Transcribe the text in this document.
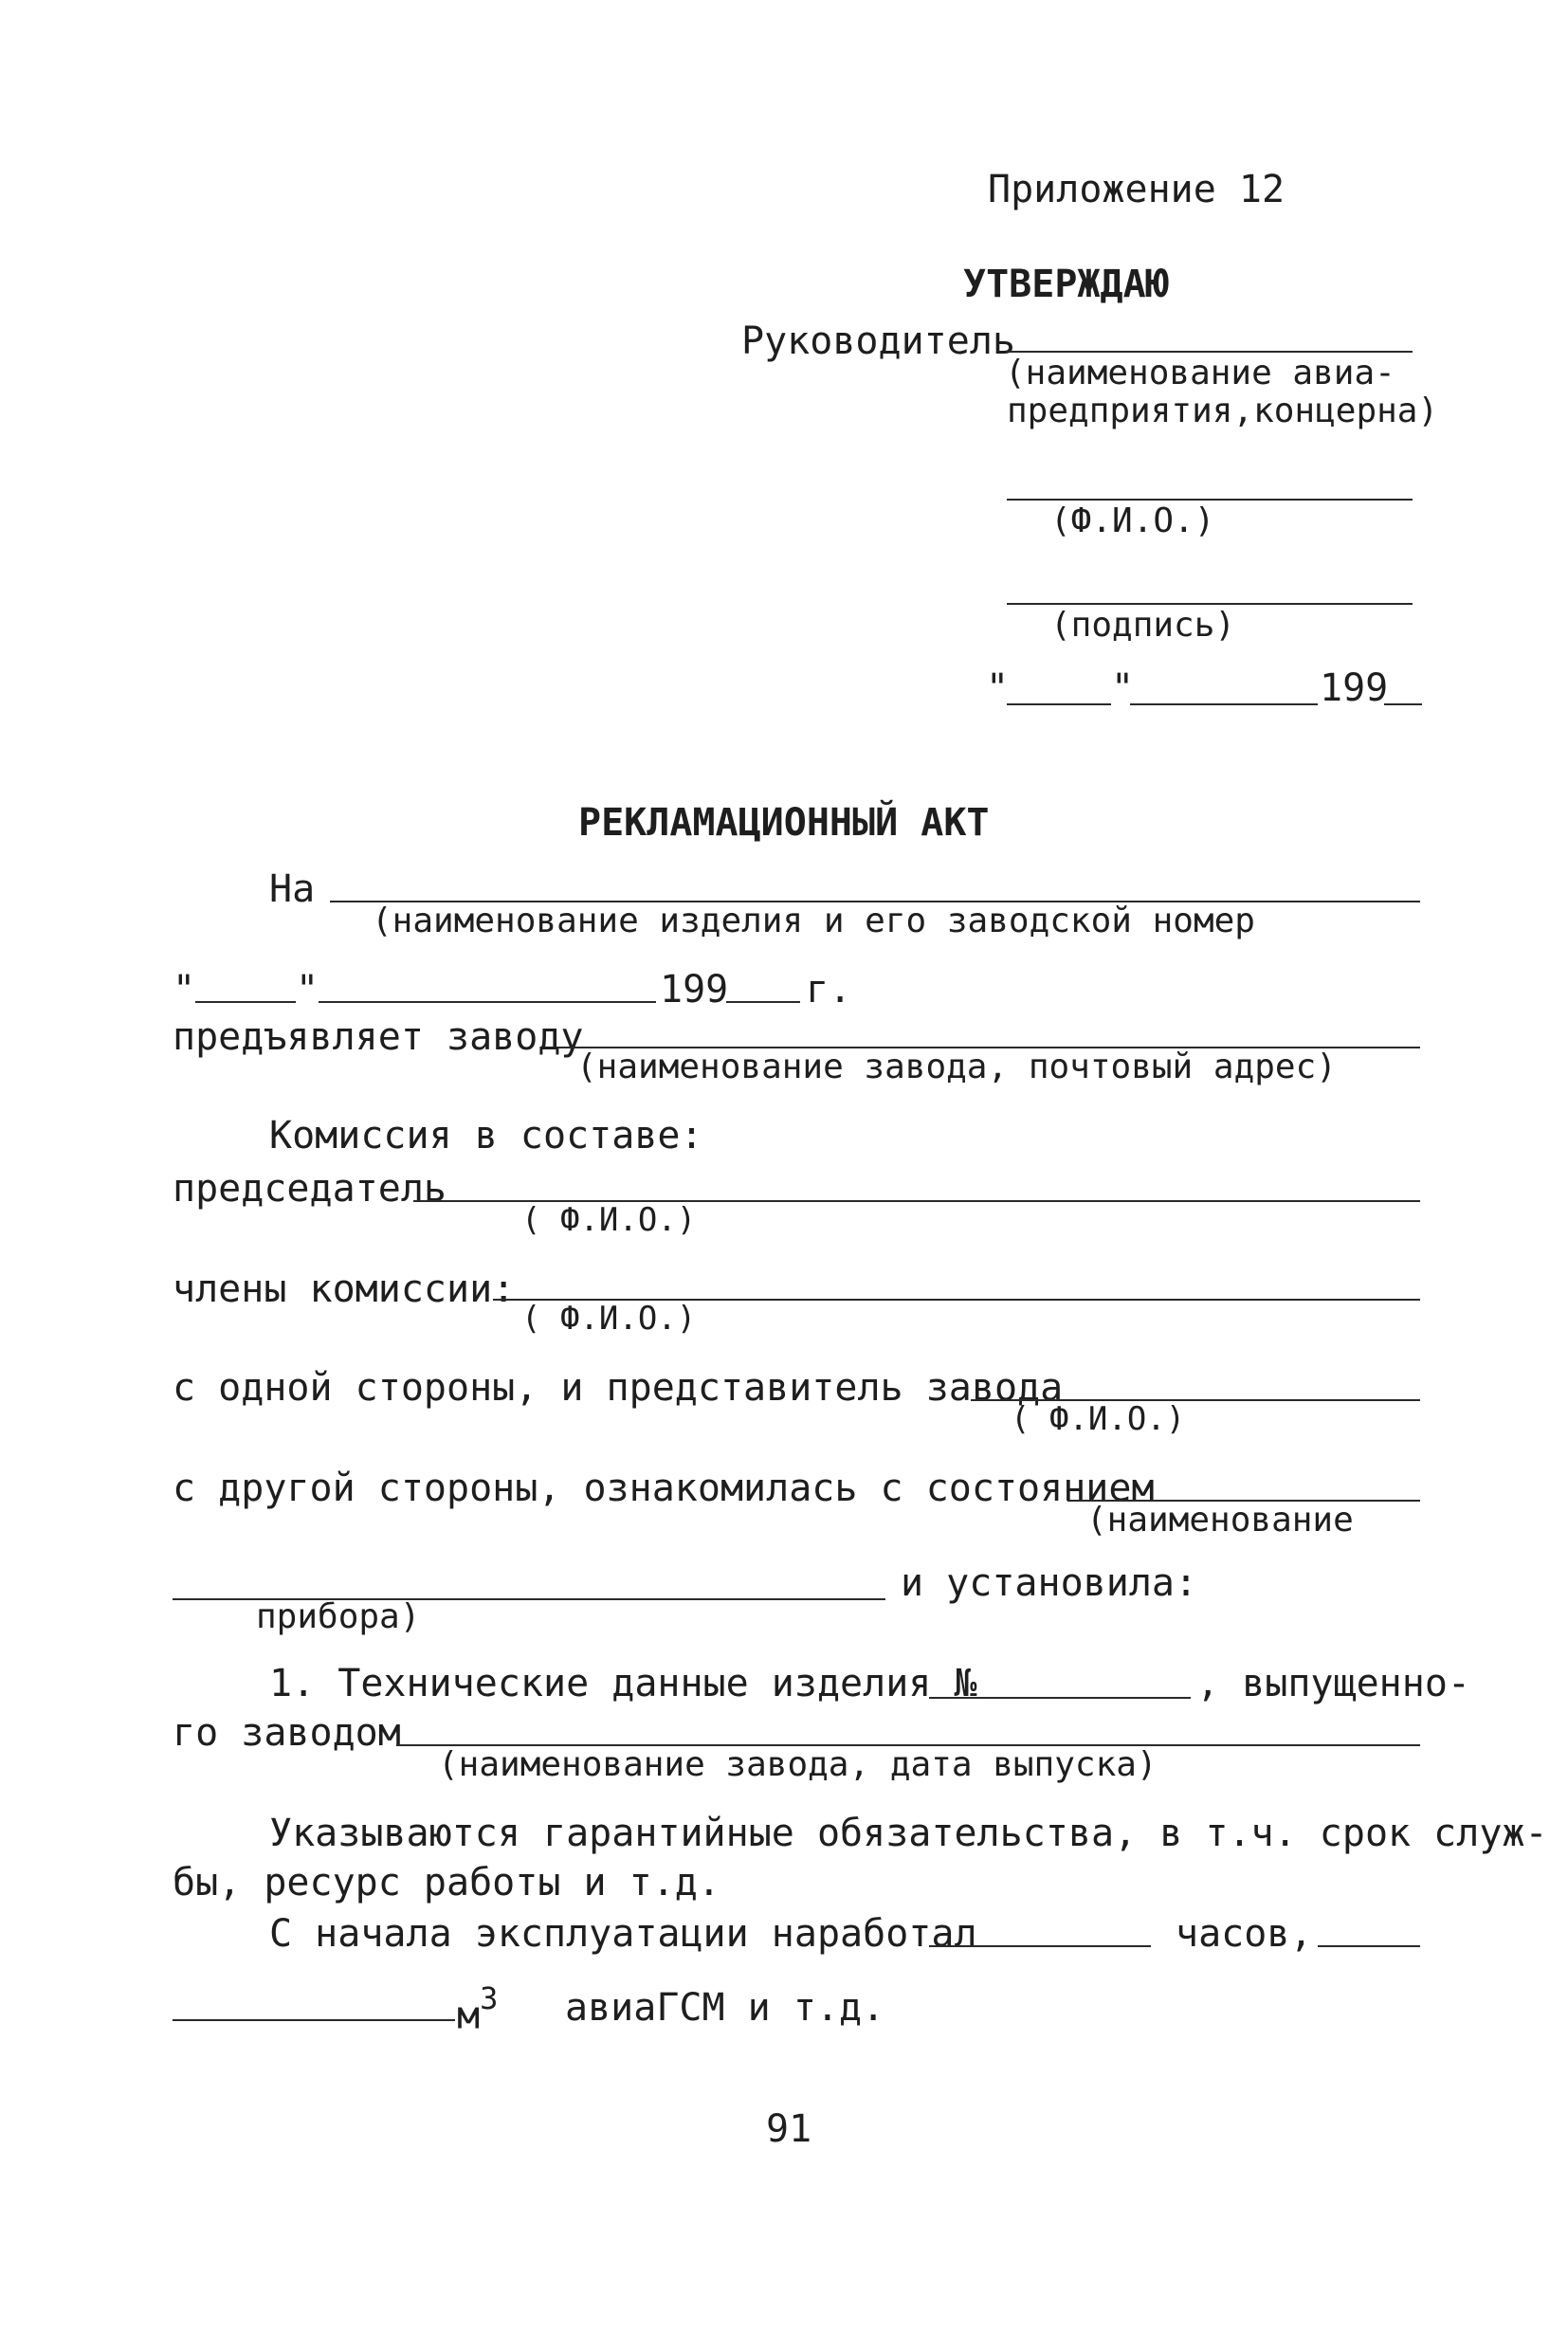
Приложение 12
УТВЕРЖДАЮ
Руководитель
(наименование авиа-
предприятия,концерна)
(Ф.И.О.)
(подпись)
"	"	199
РЕКЛАМАЦИОННЫЙ АКТ
На
(наименование изделия и его заводской номер
"	"	199 г.
предъявляет заводу
(наименование завода, почтовый адрес)
Комиссия в составе:
председатель
( Ф.И.О.)
члены комиссии:
( Ф.И.О.)
с одной стороны, и представитель завода
( Ф.И.О.)
с другой стороны, ознакомилась с состоянием
(наименование
и установила:
прибора)
1. Технические данные изделия №	, выпущенно-
го заводом
(наименование завода, дата выпуска)
Указываются гарантийные обязательства, в т.ч. срок служ-
бы, ресурс работы и т.д.
С начала эксплуатации наработал	часов,
$м^3$ авиаГСМ и т.д.
91
